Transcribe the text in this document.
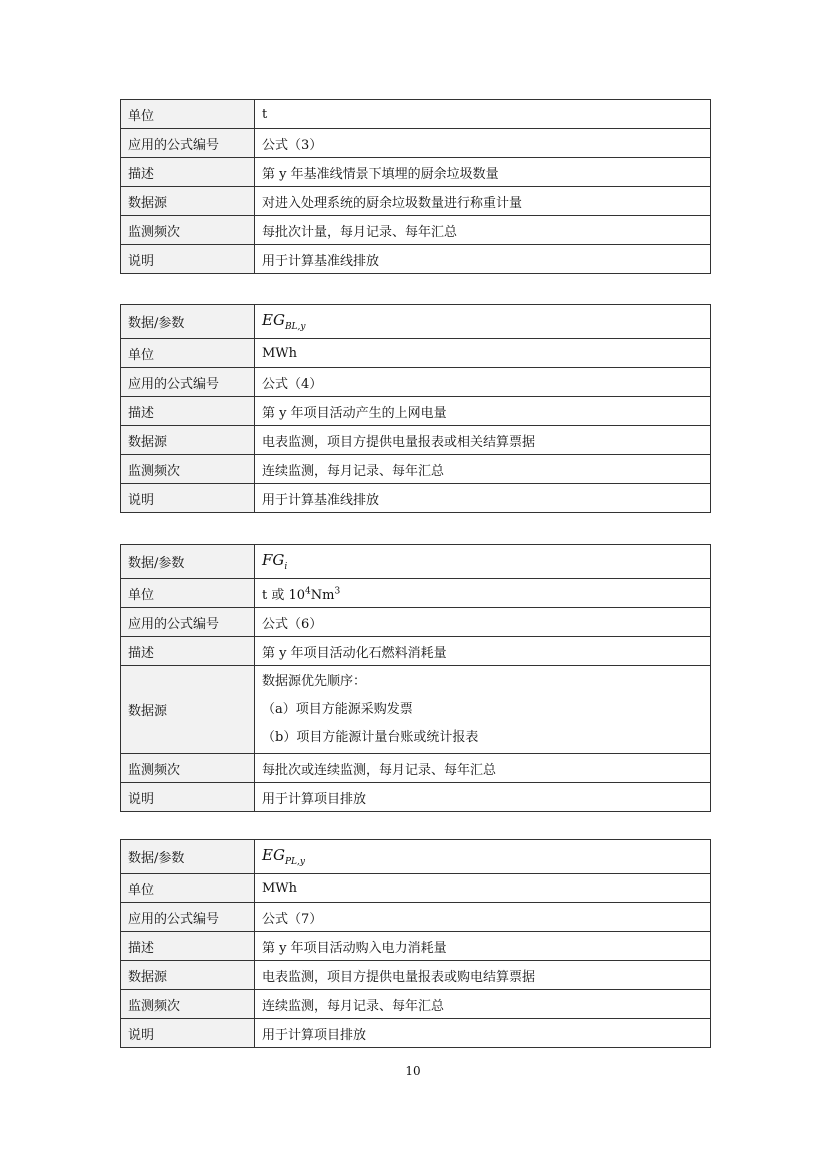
单位	t
应用的公式编号	公式（3）
描述	第 y 年基准线情景下填埋的厨余垃圾数量
数据源	对进入处理系统的厨余垃圾数量进行称重计量
监测频次	每批次计量，每月记录、每年汇总
说明	用于计算基准线排放
数据/参数	$EG_{BL,y}$
单位	MWh
应用的公式编号	公式（4）
描述	第 y 年项目活动产生的上网电量
数据源	电表监测，项目方提供电量报表或相关结算票据
监测频次	连续监测，每月记录、每年汇总
说明	用于计算基准线排放
数据/参数	$FG_i$
单位	t 或 $10^4Nm^3$
应用的公式编号	公式（6）
描述	第 y 年项目活动化石燃料消耗量
数据源	数据源优先顺序：
（a）项目方能源采购发票
（b）项目方能源计量台账或统计报表

监测频次	每批次或连续监测，每月记录、每年汇总
说明	用于计算项目排放
数据/参数	$EG_{PL,y}$
单位	MWh
应用的公式编号	公式（7）
描述	第 y 年项目活动购入电力消耗量
数据源	电表监测，项目方提供电量报表或购电结算票据
监测频次	连续监测，每月记录、每年汇总
说明	用于计算项目排放
10
